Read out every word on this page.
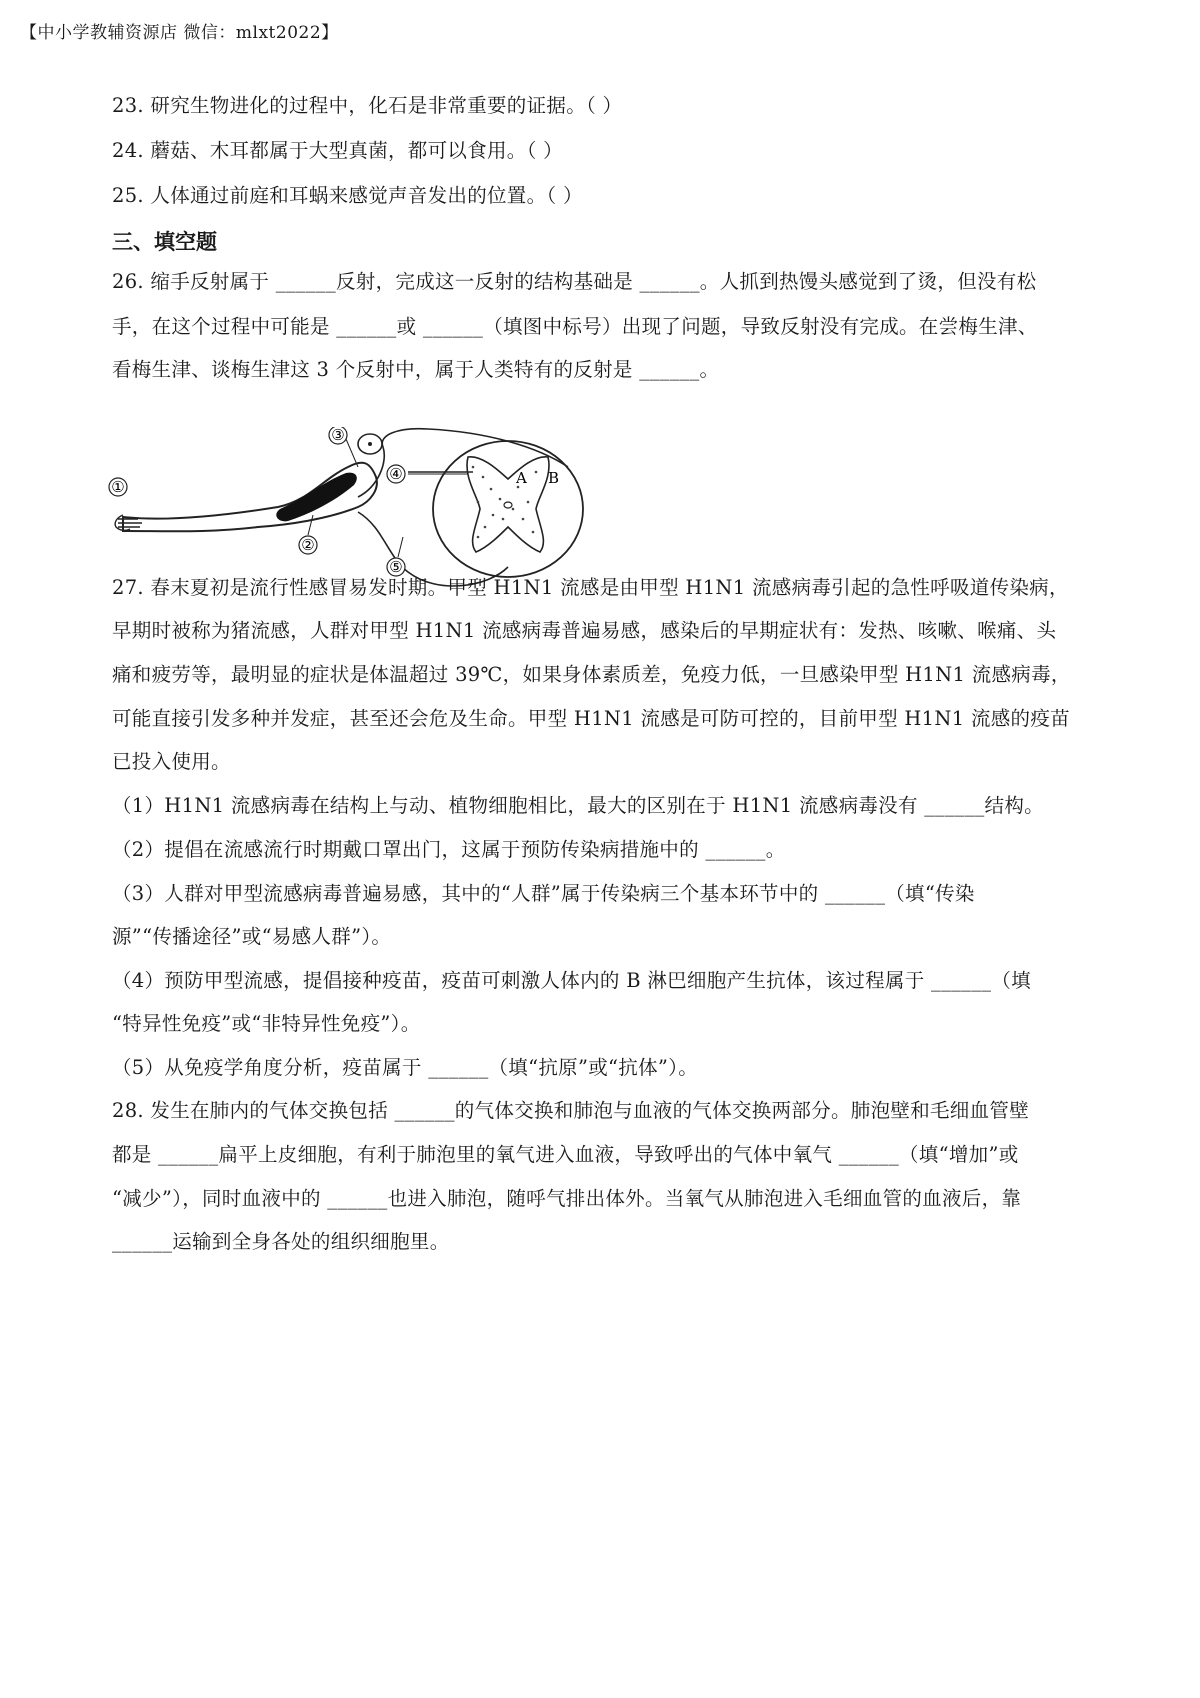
【中小学教辅资源店 微信：mlxt2022】
23. 研究生物进化的过程中，化石是非常重要的证据。（ ）
24. 蘑菇、木耳都属于大型真菌，都可以食用。（ ）
25. 人体通过前庭和耳蜗来感觉声音发出的位置。（ ）
三、填空题
26. 缩手反射属于 ______反射，完成这一反射的结构基础是 ______。人抓到热馒头感觉到了烫，但没有松
手，在这个过程中可能是 ______或 ______（填图中标号）出现了问题，导致反射没有完成。在尝梅生津、
看梅生津、谈梅生津这 3 个反射中，属于人类特有的反射是 ______。
①
②
③
④
⑤
A B
27. 春末夏初是流行性感冒易发时期。甲型 H1N1 流感是由甲型 H1N1 流感病毒引起的急性呼吸道传染病，
早期时被称为猪流感，人群对甲型 H1N1 流感病毒普遍易感，感染后的早期症状有：发热、咳嗽、喉痛、头
痛和疲劳等，最明显的症状是体温超过 39℃，如果身体素质差，免疫力低，一旦感染甲型 H1N1 流感病毒，
可能直接引发多种并发症，甚至还会危及生命。甲型 H1N1 流感是可防可控的，目前甲型 H1N1 流感的疫苗
已投入使用。
（1）H1N1 流感病毒在结构上与动、植物细胞相比，最大的区别在于 H1N1 流感病毒没有 ______结构。
（2）提倡在流感流行时期戴口罩出门，这属于预防传染病措施中的 ______。
（3）人群对甲型流感病毒普遍易感，其中的“人群”属于传染病三个基本环节中的 ______（填“传染
源”“传播途径”或“易感人群”）。
（4）预防甲型流感，提倡接种疫苗，疫苗可刺激人体内的 B 淋巴细胞产生抗体，该过程属于 ______（填
“特异性免疫”或“非特异性免疫”）。
（5）从免疫学角度分析，疫苗属于 ______（填“抗原”或“抗体”）。
28. 发生在肺内的气体交换包括 ______的气体交换和肺泡与血液的气体交换两部分。肺泡壁和毛细血管壁
都是 ______扁平上皮细胞，有利于肺泡里的氧气进入血液，导致呼出的气体中氧气 ______（填“增加”或
“减少”），同时血液中的 ______也进入肺泡，随呼气排出体外。当氧气从肺泡进入毛细血管的血液后，靠
______运输到全身各处的组织细胞里。
